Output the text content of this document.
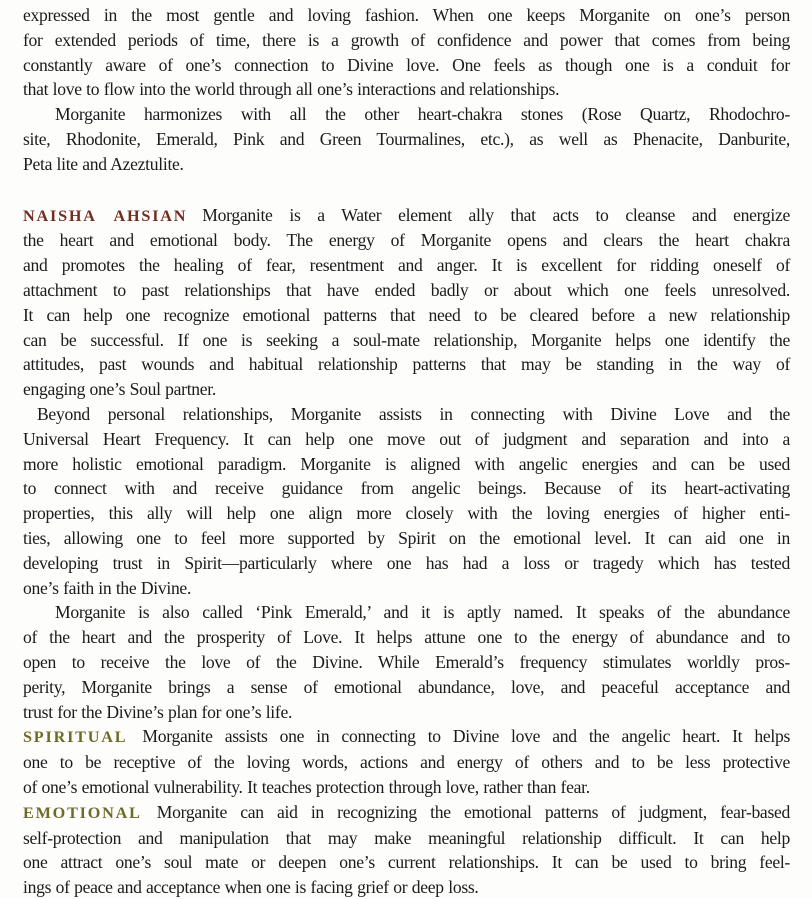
expressed in the most gentle and loving fashion. When one keeps Morganite on one’s person
for extended periods of time, there is a growth of confidence and power that comes from being
constantly aware of one’s connection to Divine love. One feels as though one is a conduit for
that love to flow into the world through all one’s interactions and relationships.
Morganite harmonizes with all the other heart-chakra stones (Rose Quartz, Rhodochro-
site, Rhodonite, Emerald, Pink and Green Tourmalines, etc.), as well as Phenacite, Danburite,
Peta lite and Azeztulite.
NAISHA AHSIAN Morganite is a Water element ally that acts to cleanse and energize
the heart and emotional body. The energy of Morganite opens and clears the heart chakra
and promotes the healing of fear, resentment and anger. It is excellent for ridding oneself of
attachment to past relationships that have ended badly or about which one feels unresolved.
It can help one recognize emotional patterns that need to be cleared before a new relationship
can be successful. If one is seeking a soul-mate relationship, Morganite helps one identify the
attitudes, past wounds and habitual relationship patterns that may be standing in the way of
engaging one’s Soul partner.
Beyond personal relationships, Morganite assists in connecting with Divine Love and the
Universal Heart Frequency. It can help one move out of judgment and separation and into a
more holistic emotional paradigm. Morganite is aligned with angelic energies and can be used
to connect with and receive guidance from angelic beings. Because of its heart-activating
properties, this ally will help one align more closely with the loving energies of higher enti-
ties, allowing one to feel more supported by Spirit on the emotional level. It can aid one in
developing trust in Spirit—particularly where one has had a loss or tragedy which has tested
one’s faith in the Divine.
Morganite is also called ‘Pink Emerald,’ and it is aptly named. It speaks of the abundance
of the heart and the prosperity of Love. It helps attune one to the energy of abundance and to
open to receive the love of the Divine. While Emerald’s frequency stimulates worldly pros-
perity, Morganite brings a sense of emotional abundance, love, and peaceful acceptance and
trust for the Divine’s plan for one’s life.
SPIRITUAL Morganite assists one in connecting to Divine love and the angelic heart. It helps
one to be receptive of the loving words, actions and energy of others and to be less protective
of one’s emotional vulnerability. It teaches protection through love, rather than fear.
EMOTIONAL Morganite can aid in recognizing the emotional patterns of judgment, fear-based
self-protection and manipulation that may make meaningful relationship difficult. It can help
one attract one’s soul mate or deepen one’s current relationships. It can be used to bring feel-
ings of peace and acceptance when one is facing grief or deep loss.
